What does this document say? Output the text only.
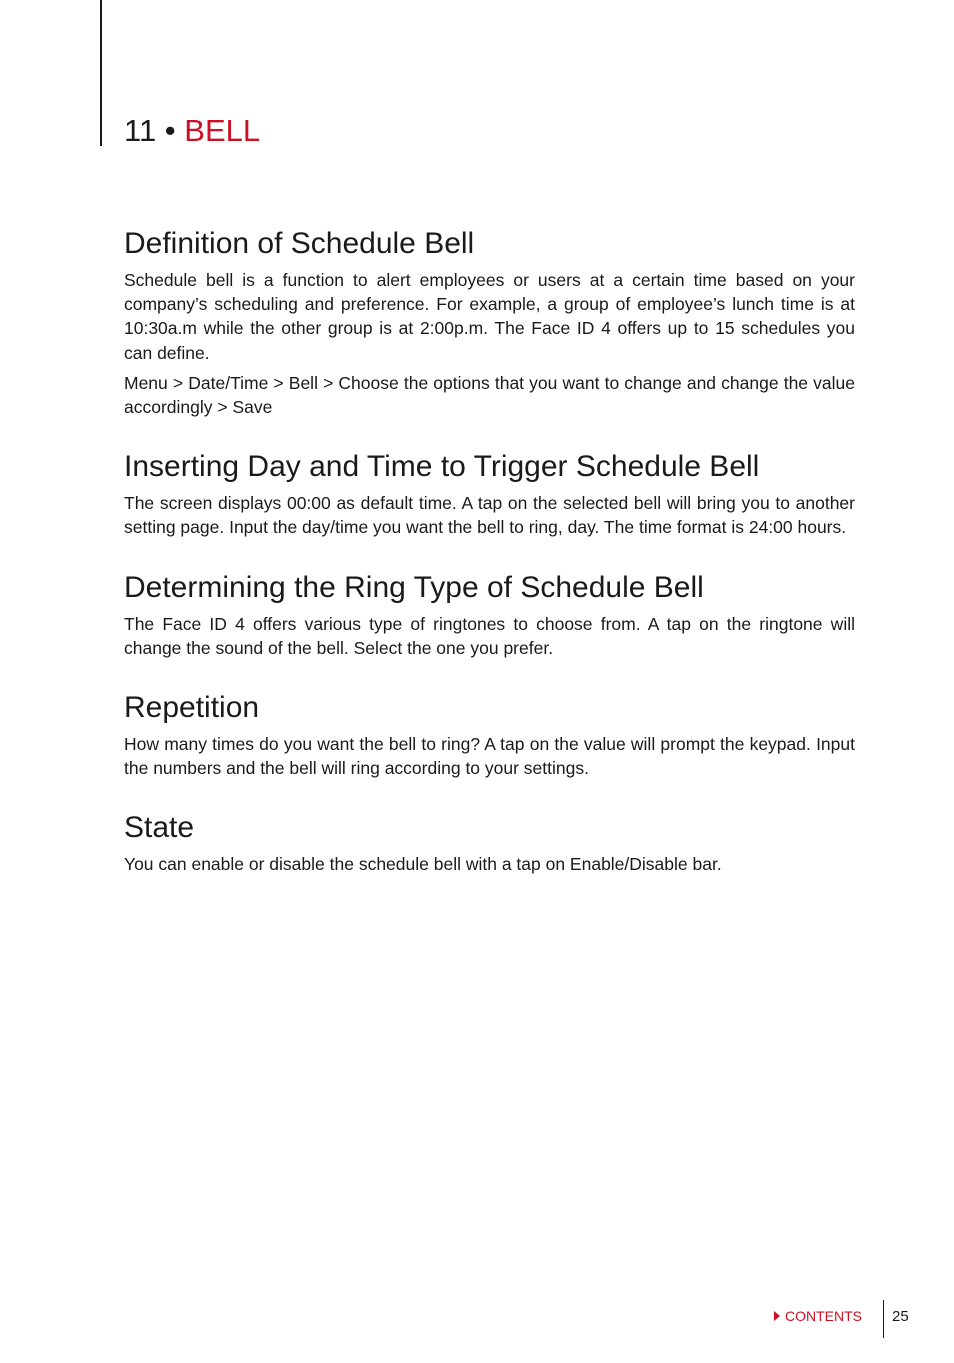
11 • BELL
Definition of Schedule Bell

Schedule bell is a function to alert employees or users at a certain time based on your company’s scheduling and preference. For example, a group of employee’s lunch time is at 10:30a.m while the other group is at 2:00p.m. The Face ID 4 offers up to 15 schedules you can define.

Menu > Date/Time > Bell > Choose the options that you want to change and change the value accordingly > Save

Inserting Day and Time to Trigger Schedule Bell

The screen displays 00:00 as default time. A tap on the selected bell will bring you to another setting page. Input the day/time you want the bell to ring, day. The time format is 24:00 hours.

Determining the Ring Type of Schedule Bell

The Face ID 4 offers various type of ringtones to choose from. A tap on the ringtone will change the sound of the bell. Select the one you prefer.

Repetition

How many times do you want the bell to ring? A tap on the value will prompt the keypad. Input the numbers and the bell will ring according to your settings.

State

You can enable or disable the schedule bell with a tap on Enable/Disable bar.

CONTENTS 25
